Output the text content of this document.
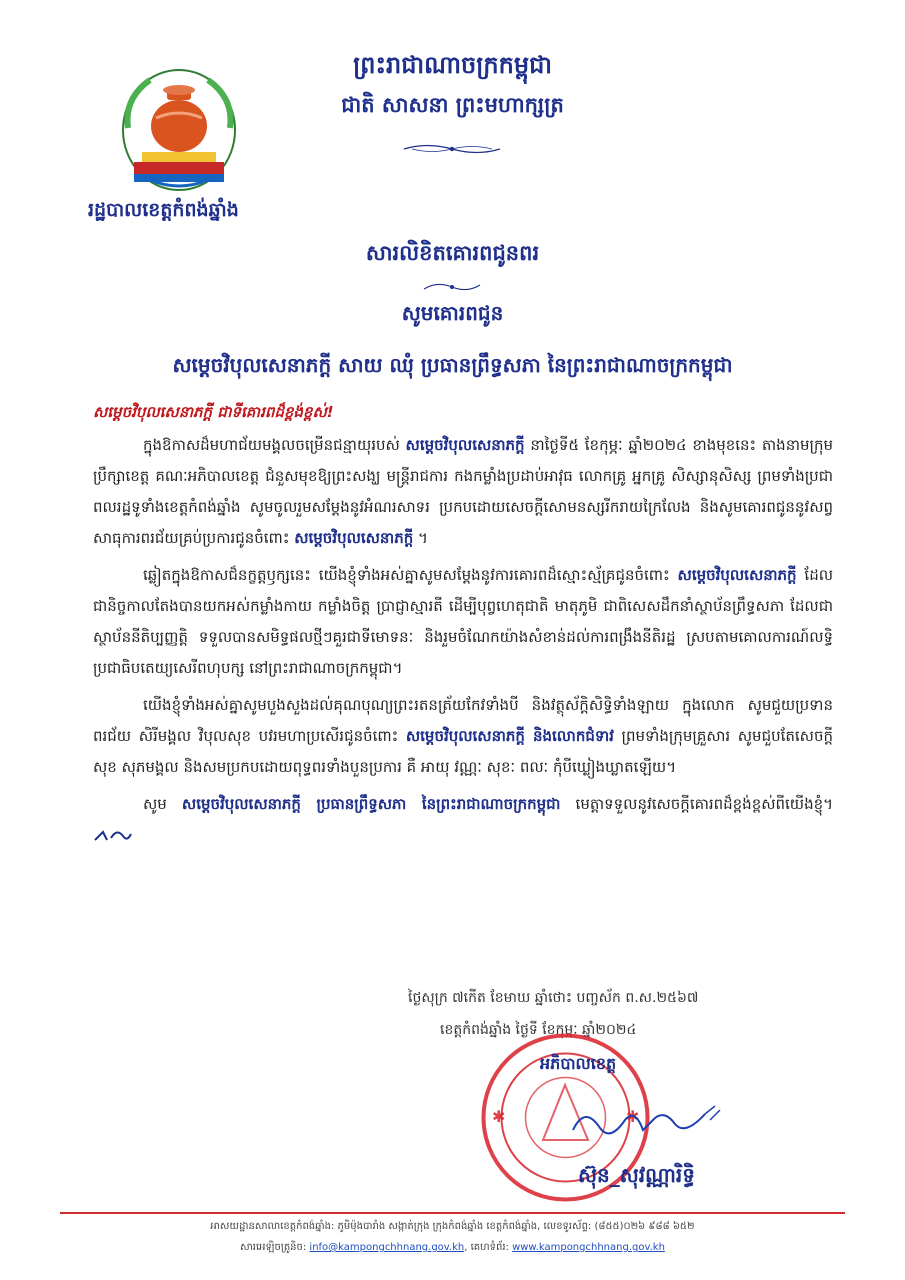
ព្រះរាជាណាចក្រកម្ពុជា
ជាតិ សាសនា ព្រះមហាក្សត្រ
រដ្ឋបាលខេត្តកំពង់ឆ្នាំង
សារលិខិតគោរពជូនពរ
សូមគោរពជូន
សម្តេចវិបុលសេនាភក្តី សាយ ឈុំ ប្រធានព្រឹទ្ធសភា នៃព្រះរាជាណាចក្រកម្ពុជា
សម្តេចវិបុលសេនាភក្តី ជាទីគោរពដ៏ខ្ពង់ខ្ពស់!

ក្នុងឱកាសដ៏មហាជ័យមង្គលចម្រើនជន្មាយុរបស់ សម្តេចវិបុលសេនាភក្តី នាថ្ងៃទី៥ ខែកុម្ភៈ ឆ្នាំ២០២៤ ខាងមុខនេះ តាងនាមក្រុមប្រឹក្សាខេត្ត គណៈអភិបាលខេត្ត ជំនួសមុខឱ្យព្រះសង្ឃ មន្ត្រីរាជការ កងកម្លាំងប្រដាប់អាវុធ លោកគ្រូ អ្នកគ្រូ សិស្សានុសិស្ស ព្រមទាំងប្រជាពលរដ្ឋទូទាំងខេត្តកំពង់ឆ្នាំង សូមចូលរួមសម្តែងនូវអំណរសាទរ ប្រកបដោយសេចក្តីសោមនស្សរីករាយក្រៃលែង និងសូមគោរពជូននូវសព្វសាធុការពរជ័យគ្រប់ប្រការជូនចំពោះ សម្តេចវិបុលសេនាភក្តី ។

ឆ្លៀតក្នុងឱកាសជ៏នក្ខត្តឫក្សនេះ យើងខ្ញុំទាំងអស់គ្នាសូមសម្តែងនូវការគោរពដ៏ស្មោះស្ម័គ្រជូនចំពោះ សម្តេចវិបុលសេនាភក្តី ដែលជានិច្ចកាលតែងបានយកអស់កម្លាំងកាយ កម្លាំងចិត្ត ប្រាជ្ញាស្មារតី ដើម្បីបុព្វហេតុជាតិ មាតុភូមិ ជាពិសេសដឹកនាំស្ថាប័នព្រឹទ្ធសភា ដែលជាស្ថាប័ននីតិប្បញ្ញត្តិ ទទួលបានសមិទ្ធផលថ្មីៗគួរជាទីមោទនៈ និងរួមចំណែកយ៉ាងសំខាន់ដល់ការពង្រឹងនីតិរដ្ឋ ស្របតាមគោលការណ៍លទ្ធិប្រជាធិបតេយ្យសេរីពហុបក្ស នៅព្រះរាជាណាចក្រកម្ពុជា។

យើងខ្ញុំទាំងអស់គ្នាសូមបួងសួងដល់គុណបុណ្យព្រះរតនត្រ័យកែវទាំងបី និងវត្ថុស័ក្តិសិទ្ធិទាំងឡាយ ក្នុងលោក សូមជួយប្រទានពរជ័យ សិរីមង្គល វិបុលសុខ បវរមហាប្រសើរជូនចំពោះ សម្តេចវិបុលសេនាភក្តី និងលោកជំទាវ ព្រមទាំងក្រុមគ្រួសារ សូមជួបតែសេចក្តីសុខ សុភមង្គល និងសមប្រកបដោយពុទ្ធពរទាំងបួនប្រការ គឺ អាយុ វណ្ណៈ សុខៈ ពលៈ កុំបីឃ្លៀងឃ្លាតឡើយ។

សូម សម្តេចវិបុលសេនាភក្តី ប្រធានព្រឹទ្ធសភា នៃព្រះរាជាណាចក្រកម្ពុជា មេត្តាទទួលនូវសេចក្តីគោរពដ៏ខ្ពង់ខ្ពស់ពីយើងខ្ញុំ។

ថ្ងៃសុក្រ ៧កើត ខែមាឃ ឆ្នាំថោះ បញ្ចស័ក ព.ស.២៥៦៧
ខេត្តកំពង់ឆ្នាំង ថ្ងៃទី ខែកុម្ភៈ ឆ្នាំ២០២៤
✱	✱
អភិបាលខេត្ត
ស៊ុន_សុវណ្ណារិទ្ធិ
អាសយដ្ឋានសាលាខេត្តកំពង់ឆ្នាំង: ភូមិម៉ុងបារាំង សង្កាត់ក្រុង ក្រុងកំពង់ឆ្នាំង ខេត្តកំពង់ឆ្នាំង, លេខទូរស័ព្ទ: (៨៥៥)០២៦ ៩៨៨ ៦៥២
សារអេឡិចត្រូនិច: info@kampongchhnang.gov.kh, គេហទំព័រ: www.kampongchhnang.gov.kh
